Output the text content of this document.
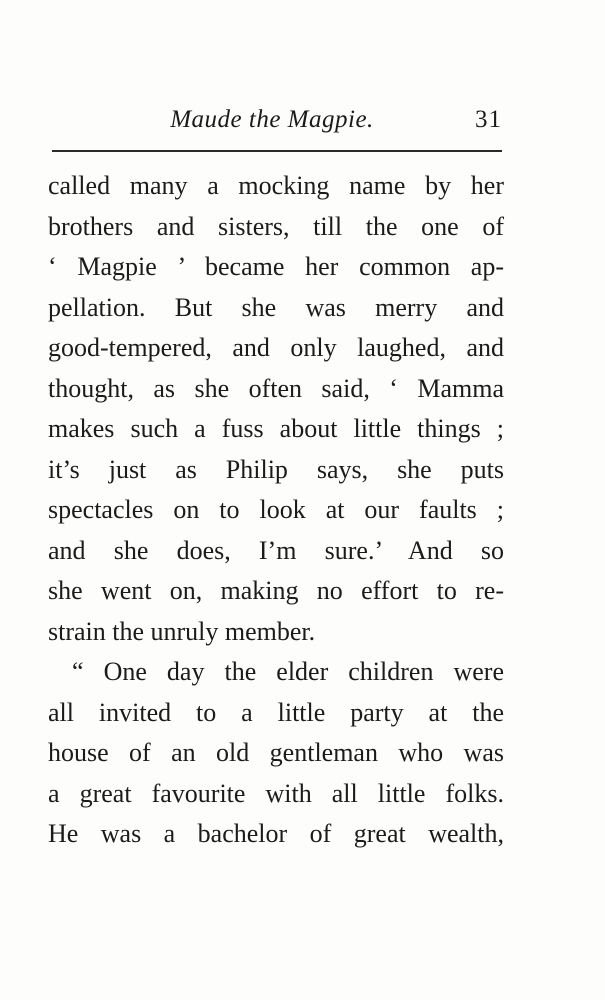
Maude the Magpie.	31
called many a mocking name by her
brothers and sisters, till the one of
‘ Magpie ’ became her common ap-
pellation. But she was merry and
good-tempered, and only laughed, and
thought, as she often said, ‘ Mamma
makes such a fuss about little things ;
it’s just as Philip says, she puts
spectacles on to look at our faults ;
and she does, I’m sure.’ And so
she went on, making no effort to re-
strain the unruly member.
“ One day the elder children were
all invited to a little party at the
house of an old gentleman who was
a great favourite with all little folks.
He was a bachelor of great wealth,
